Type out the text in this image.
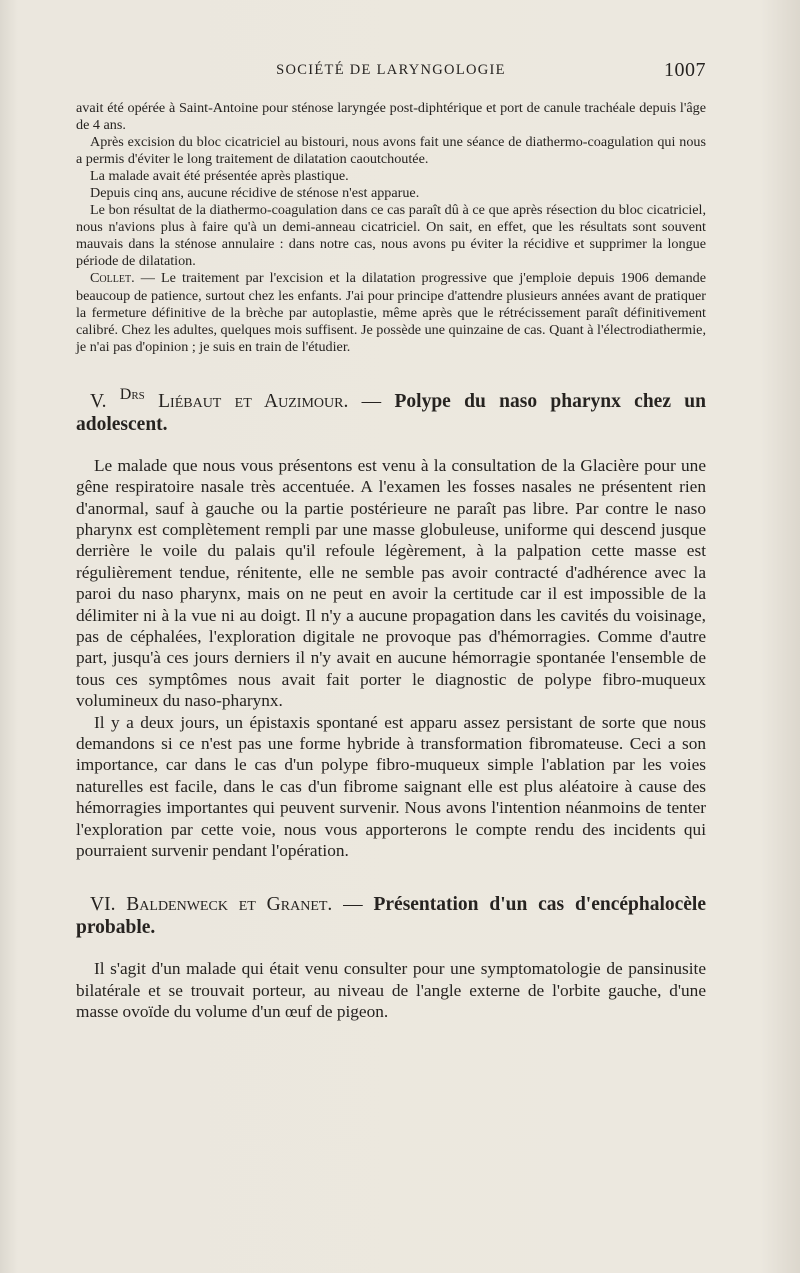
SOCIÉTÉ DE LARYNGOLOGIE	1007

avait été opérée à Saint-Antoine pour sténose laryngée post-diphtérique et port de canule trachéale depuis l'âge de 4 ans.

Après excision du bloc cicatriciel au bistouri, nous avons fait une séance de diathermo-coagulation qui nous a permis d'éviter le long traitement de dilatation caoutchoutée.

La malade avait été présentée après plastique.

Depuis cinq ans, aucune récidive de sténose n'est apparue.

Le bon résultat de la diathermo-coagulation dans ce cas paraît dû à ce que après résection du bloc cicatriciel, nous n'avions plus à faire qu'à un demi-anneau cicatriciel. On sait, en effet, que les résultats sont souvent mauvais dans la sténose annulaire : dans notre cas, nous avons pu éviter la récidive et supprimer la longue période de dilatation.

Collet. — Le traitement par l'excision et la dilatation progressive que j'emploie depuis 1906 demande beaucoup de patience, surtout chez les enfants. J'ai pour principe d'attendre plusieurs années avant de pratiquer la fermeture définitive de la brèche par autoplastie, même après que le rétrécissement paraît définitivement calibré. Chez les adultes, quelques mois suffisent. Je possède une quinzaine de cas. Quant à l'électrodiathermie, je n'ai pas d'opinion ; je suis en train de l'étudier.

V. $^{Drs}$ Liébaut et Auzimour. — Polype du naso pharynx chez un adolescent.

Le malade que nous vous présentons est venu à la consultation de la Glacière pour une gêne respiratoire nasale très accentuée. A l'examen les fosses nasales ne présentent rien d'anormal, sauf à gauche ou la partie postérieure ne paraît pas libre. Par contre le naso pharynx est complètement rempli par une masse globuleuse, uniforme qui descend jusque derrière le voile du palais qu'il refoule légèrement, à la palpation cette masse est régulièrement tendue, rénitente, elle ne semble pas avoir contracté d'adhérence avec la paroi du naso pharynx, mais on ne peut en avoir la certitude car il est impossible de la délimiter ni à la vue ni au doigt. Il n'y a aucune propagation dans les cavités du voisinage, pas de céphalées, l'exploration digitale ne provoque pas d'hémorragies. Comme d'autre part, jusqu'à ces jours derniers il n'y avait en aucune hémorragie spontanée l'ensemble de tous ces symptômes nous avait fait porter le diagnostic de polype fibro-muqueux volumineux du naso-pharynx.

Il y a deux jours, un épistaxis spontané est apparu assez persistant de sorte que nous demandons si ce n'est pas une forme hybride à transformation fibromateuse. Ceci a son importance, car dans le cas d'un polype fibro-muqueux simple l'ablation par les voies naturelles est facile, dans le cas d'un fibrome saignant elle est plus aléatoire à cause des hémorragies importantes qui peuvent survenir. Nous avons l'intention néanmoins de tenter l'exploration par cette voie, nous vous apporterons le compte rendu des incidents qui pourraient survenir pendant l'opération.

VI. Baldenweck et Granet. — Présentation d'un cas d'encéphalocèle probable.

Il s'agit d'un malade qui était venu consulter pour une symptomatologie de pansinusite bilatérale et se trouvait porteur, au niveau de l'angle externe de l'orbite gauche, d'une masse ovoïde du volume d'un œuf de pigeon.
